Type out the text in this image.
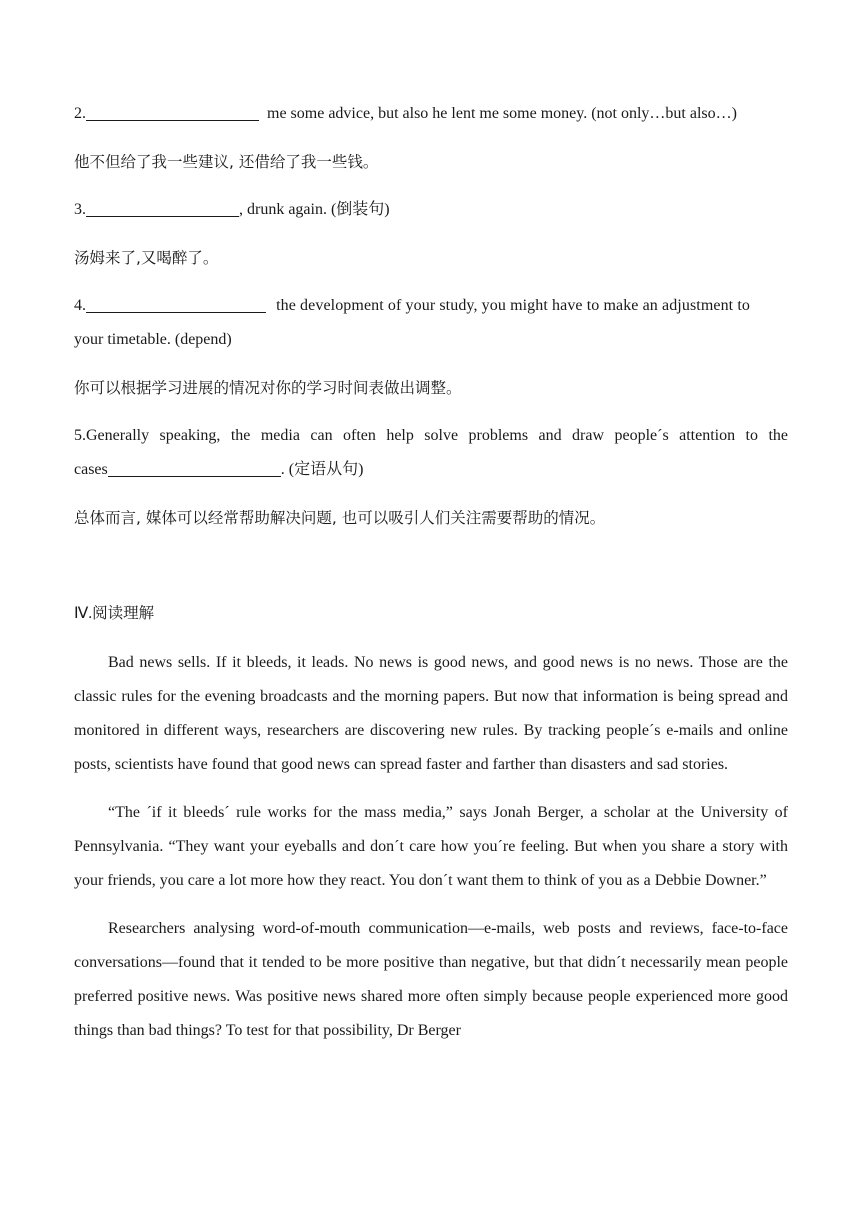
2.	me some advice, but also he lent me some money. (not only…but also…)
他不但给了我一些建议, 还借给了我一些钱。
3.	, drunk again. (倒装句)
汤姆来了,又喝醉了。
4.	the development of your study, you might have to make an adjustment to
your timetable. (depend)
你可以根据学习进展的情况对你的学习时间表做出调整。
5.Generally speaking, the media can often help solve problems and draw people´s attention to the
cases	. (定语从句)
总体而言, 媒体可以经常帮助解决问题, 也可以吸引人们关注需要帮助的情况。
Ⅳ.阅读理解

Bad news sells. If it bleeds, it leads. No news is good news, and good news is no news. Those are the classic rules for the evening broadcasts and the morning papers. But now that information is being spread and monitored in different ways, researchers are discovering new rules. By tracking people´s e-mails and online posts, scientists have found that good news can spread faster and farther than disasters and sad stories.

“The ´if it bleeds´ rule works for the mass media,” says Jonah Berger, a scholar at the University of Pennsylvania. “They want your eyeballs and don´t care how you´re feeling. But when you share a story with your friends, you care a lot more how they react. You don´t want them to think of you as a Debbie Downer.”

Researchers analysing word-of-mouth communication—e-mails, web posts and reviews, face-to-face conversations—found that it tended to be more positive than negative, but that didn´t necessarily mean people preferred positive news. Was positive news shared more often simply because people experienced more good things than bad things? To test for that possibility, Dr Berger
